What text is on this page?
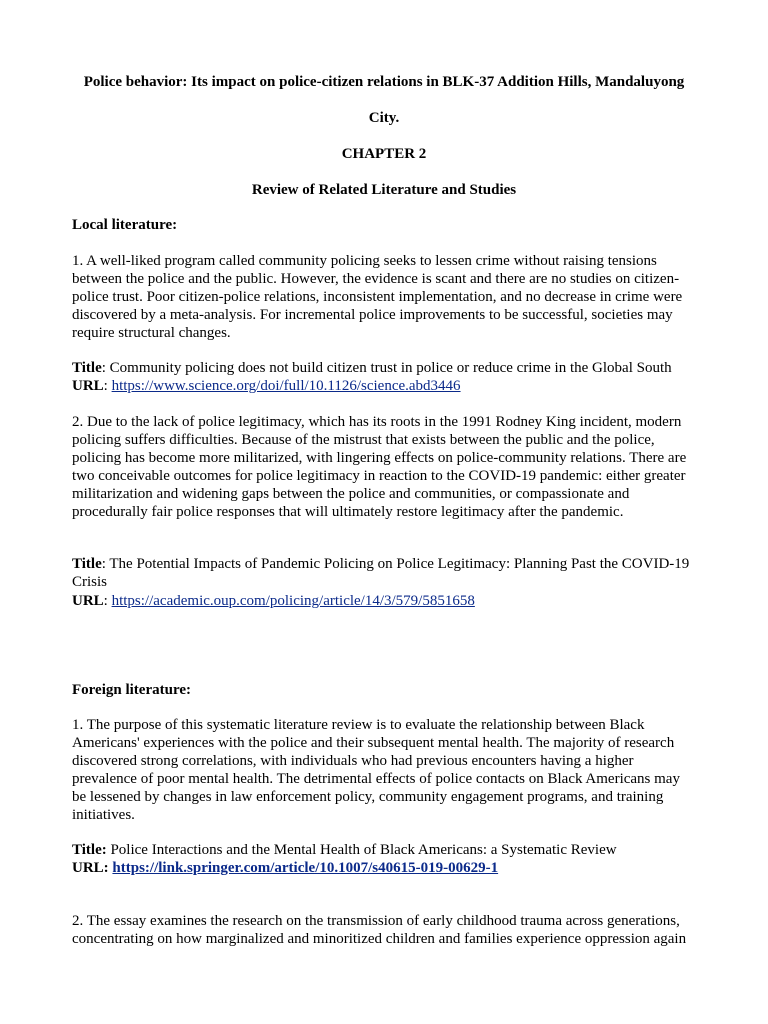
Police behavior: Its impact on police-citizen relations in BLK-37 Addition Hills, Mandaluyong
City.
CHAPTER 2
Review of Related Literature and Studies
Local literature:
1. A well-liked program called community policing seeks to lessen crime without raising tensions between the police and the public. However, the evidence is scant and there are no studies on citizen-police trust. Poor citizen-police relations, inconsistent implementation, and no decrease in crime were discovered by a meta-analysis. For incremental police improvements to be successful, societies may require structural changes.
Title: Community policing does not build citizen trust in police or reduce crime in the Global South
URL: https://www.science.org/doi/full/10.1126/science.abd3446
2. Due to the lack of police legitimacy, which has its roots in the 1991 Rodney King incident, modern policing suffers difficulties. Because of the mistrust that exists between the public and the police, policing has become more militarized, with lingering effects on police-community relations. There are two conceivable outcomes for police legitimacy in reaction to the COVID-19 pandemic: either greater militarization and widening gaps between the police and communities, or compassionate and procedurally fair police responses that will ultimately restore legitimacy after the pandemic.
Title: The Potential Impacts of Pandemic Policing on Police Legitimacy: Planning Past the COVID-19 Crisis
URL: https://academic.oup.com/policing/article/14/3/579/5851658
Foreign literature:
1. The purpose of this systematic literature review is to evaluate the relationship between Black Americans' experiences with the police and their subsequent mental health. The majority of research discovered strong correlations, with individuals who had previous encounters having a higher prevalence of poor mental health. The detrimental effects of police contacts on Black Americans may be lessened by changes in law enforcement policy, community engagement programs, and training initiatives.
Title: Police Interactions and the Mental Health of Black Americans: a Systematic Review
URL: https://link.springer.com/article/10.1007/s40615-019-00629-1
2. The essay examines the research on the transmission of early childhood trauma across generations, concentrating on how marginalized and minoritized children and families experience oppression again
